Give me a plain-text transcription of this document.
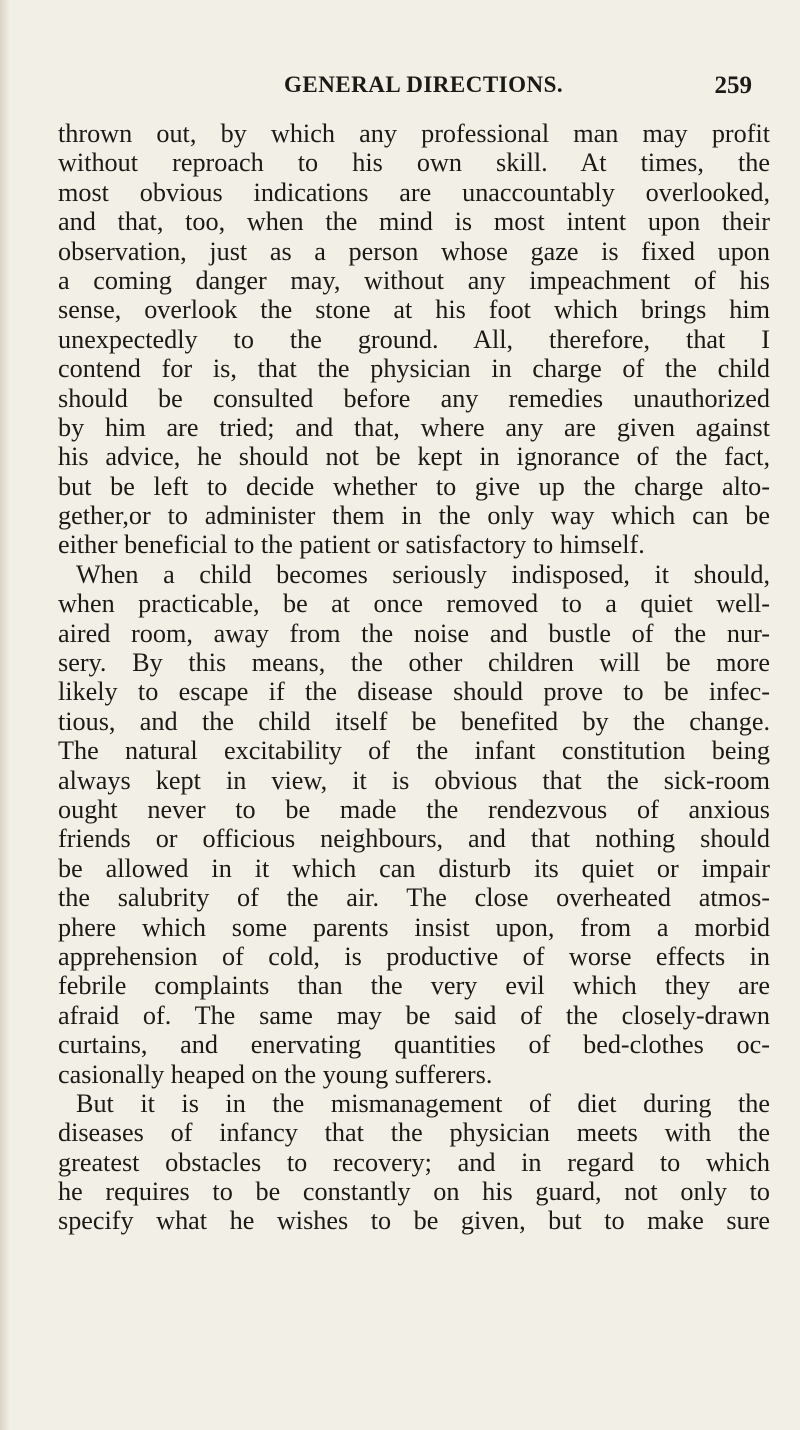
GENERAL DIRECTIONS.	259
thrown out, by which any professional man may profit
without reproach to his own skill. At times, the
most obvious indications are unaccountably overlooked,
and that, too, when the mind is most intent upon their
observation, just as a person whose gaze is fixed upon
a coming danger may, without any impeachment of his
sense, overlook the stone at his foot which brings him
unexpectedly to the ground. All, therefore, that I
contend for is, that the physician in charge of the child
should be consulted before any remedies unauthorized
by him are tried; and that, where any are given against
his advice, he should not be kept in ignorance of the fact,
but be left to decide whether to give up the charge alto-
gether,or to administer them in the only way which can be
either beneficial to the patient or satisfactory to himself.
When a child becomes seriously indisposed, it should,
when practicable, be at once removed to a quiet well-
aired room, away from the noise and bustle of the nur-
sery. By this means, the other children will be more
likely to escape if the disease should prove to be infec-
tious, and the child itself be benefited by the change.
The natural excitability of the infant constitution being
always kept in view, it is obvious that the sick-room
ought never to be made the rendezvous of anxious
friends or officious neighbours, and that nothing should
be allowed in it which can disturb its quiet or impair
the salubrity of the air. The close overheated atmos-
phere which some parents insist upon, from a morbid
apprehension of cold, is productive of worse effects in
febrile complaints than the very evil which they are
afraid of. The same may be said of the closely-drawn
curtains, and enervating quantities of bed-clothes oc-
casionally heaped on the young sufferers.
But it is in the mismanagement of diet during the
diseases of infancy that the physician meets with the
greatest obstacles to recovery; and in regard to which
he requires to be constantly on his guard, not only to
specify what he wishes to be given, but to make sure
